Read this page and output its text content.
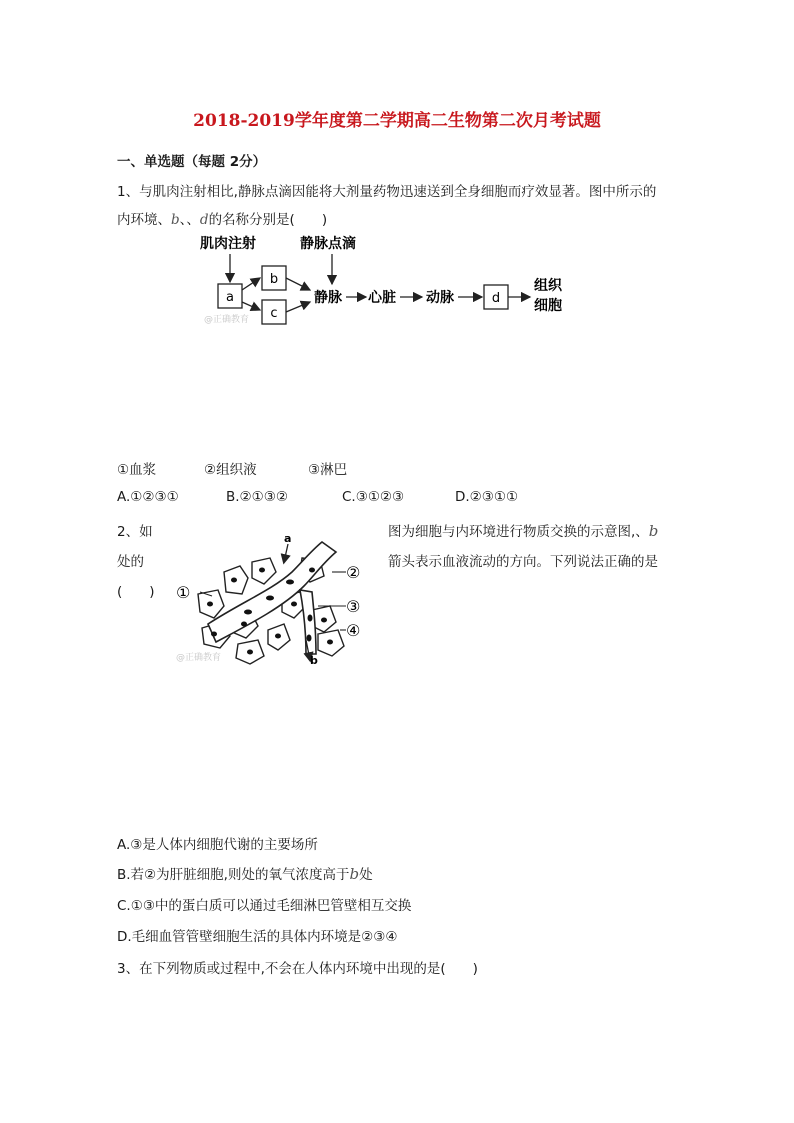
2018-2019学年度第二学期高二生物第二次月考试题
一、单选题（每题 2分）
1、与肌肉注射相比,静脉点滴因能将大剂量药物迅速送到全身细胞而疗效显著。图中所示的
内环境、b、、d的名称分别是(　　)
肌肉注射	静脉点滴
a
b
c
静脉 心脏 动脉	d
组织
细胞
@正确教育
①血浆	②组织液	③淋巴
A.①②③①	B.②①③②	C.③①②③	D.②③①①
2、如	图为细胞与内环境进行物质交换的示意图,、b
处的	箭头表示血液流动的方向。下列说法正确的是
(　　)
a
b
①
②
③
④
@正确教育
A.③是人体内细胞代谢的主要场所
B.若②为肝脏细胞,则处的氧气浓度高于b处
C.①③中的蛋白质可以通过毛细淋巴管壁相互交换
D.毛细血管管壁细胞生活的具体内环境是②③④
3、在下列物质或过程中,不会在人体内环境中出现的是(　　)
